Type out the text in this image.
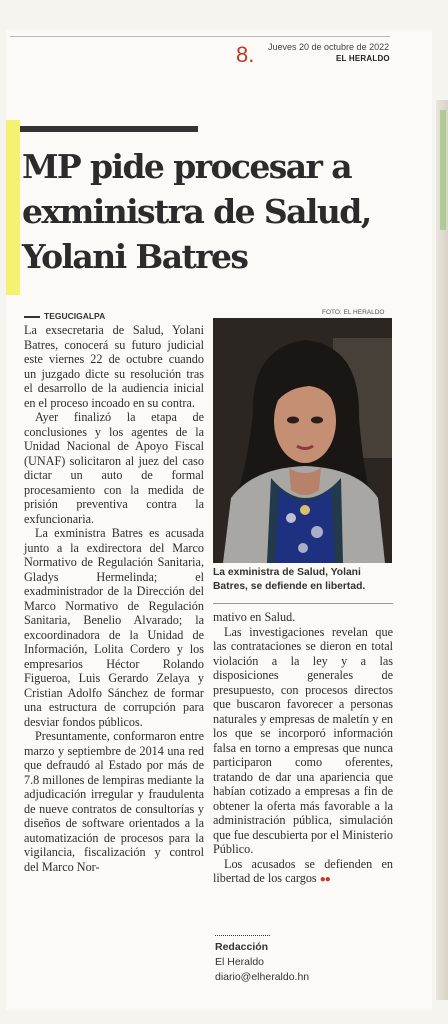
8. Jueves 20 de octubre de 2022
EL HERALDO
MP pide procesar a exministra de Salud, Yolani Batres
TEGUCIGALPA	FOTO: EL HERALDO

La exsecretaria de Salud, Yolani Batres, conocerá su futuro judicial este viernes 22 de octubre cuando un juzgado dicte su resolución tras el desarrollo de la audiencia inicial en el proceso incoado en su contra.

Ayer finalizó la etapa de conclusiones y los agentes de la Unidad Nacional de Apoyo Fiscal (UNAF) solicitaron al juez del caso dictar un auto de formal procesamiento con la medida de prisión preventiva contra la exfuncionaria.

La exministra Batres es acusada junto a la exdirectora del Marco Normativo de Regulación Sanitaria, Gladys Hermelinda; el exadministrador de la Dirección del Marco Normativo de Regulación Sanitaria, Benelio Alvarado; la excoordinadora de la Unidad de Información, Lolita Cordero y los empresarios Héctor Rolando Figueroa, Luis Gerardo Zelaya y Cristian Adolfo Sánchez de formar una estructura de corrupción para desviar fondos públicos.

Presuntamente, conformaron entre marzo y septiembre de 2014 una red que defraudó al Estado por más de 7.8 millones de lempiras mediante la adjudicación irregular y fraudulenta de nueve contratos de consultorías y diseños de software orientados a la automatización de procesos para la vigilancia, fiscalización y control del Marco Nor-

La exministra de Salud, Yolani Batres, se defiende en libertad.

mativo en Salud.

Las investigaciones revelan que las contrataciones se dieron en total violación a la ley y a las disposiciones generales de presupuesto, con procesos directos que buscaron favorecer a personas naturales y empresas de maletín y en los que se incorporó información falsa en torno a empresas que nunca participaron como oferentes, tratando de dar una apariencia que habían cotizado a empresas a fin de obtener la oferta más favorable a la administración pública, simulación que fue descubierta por el Ministerio Público.

Los acusados se defienden en libertad de los cargos ●●

Redacción
El Heraldo
diario@elheraldo.hn
